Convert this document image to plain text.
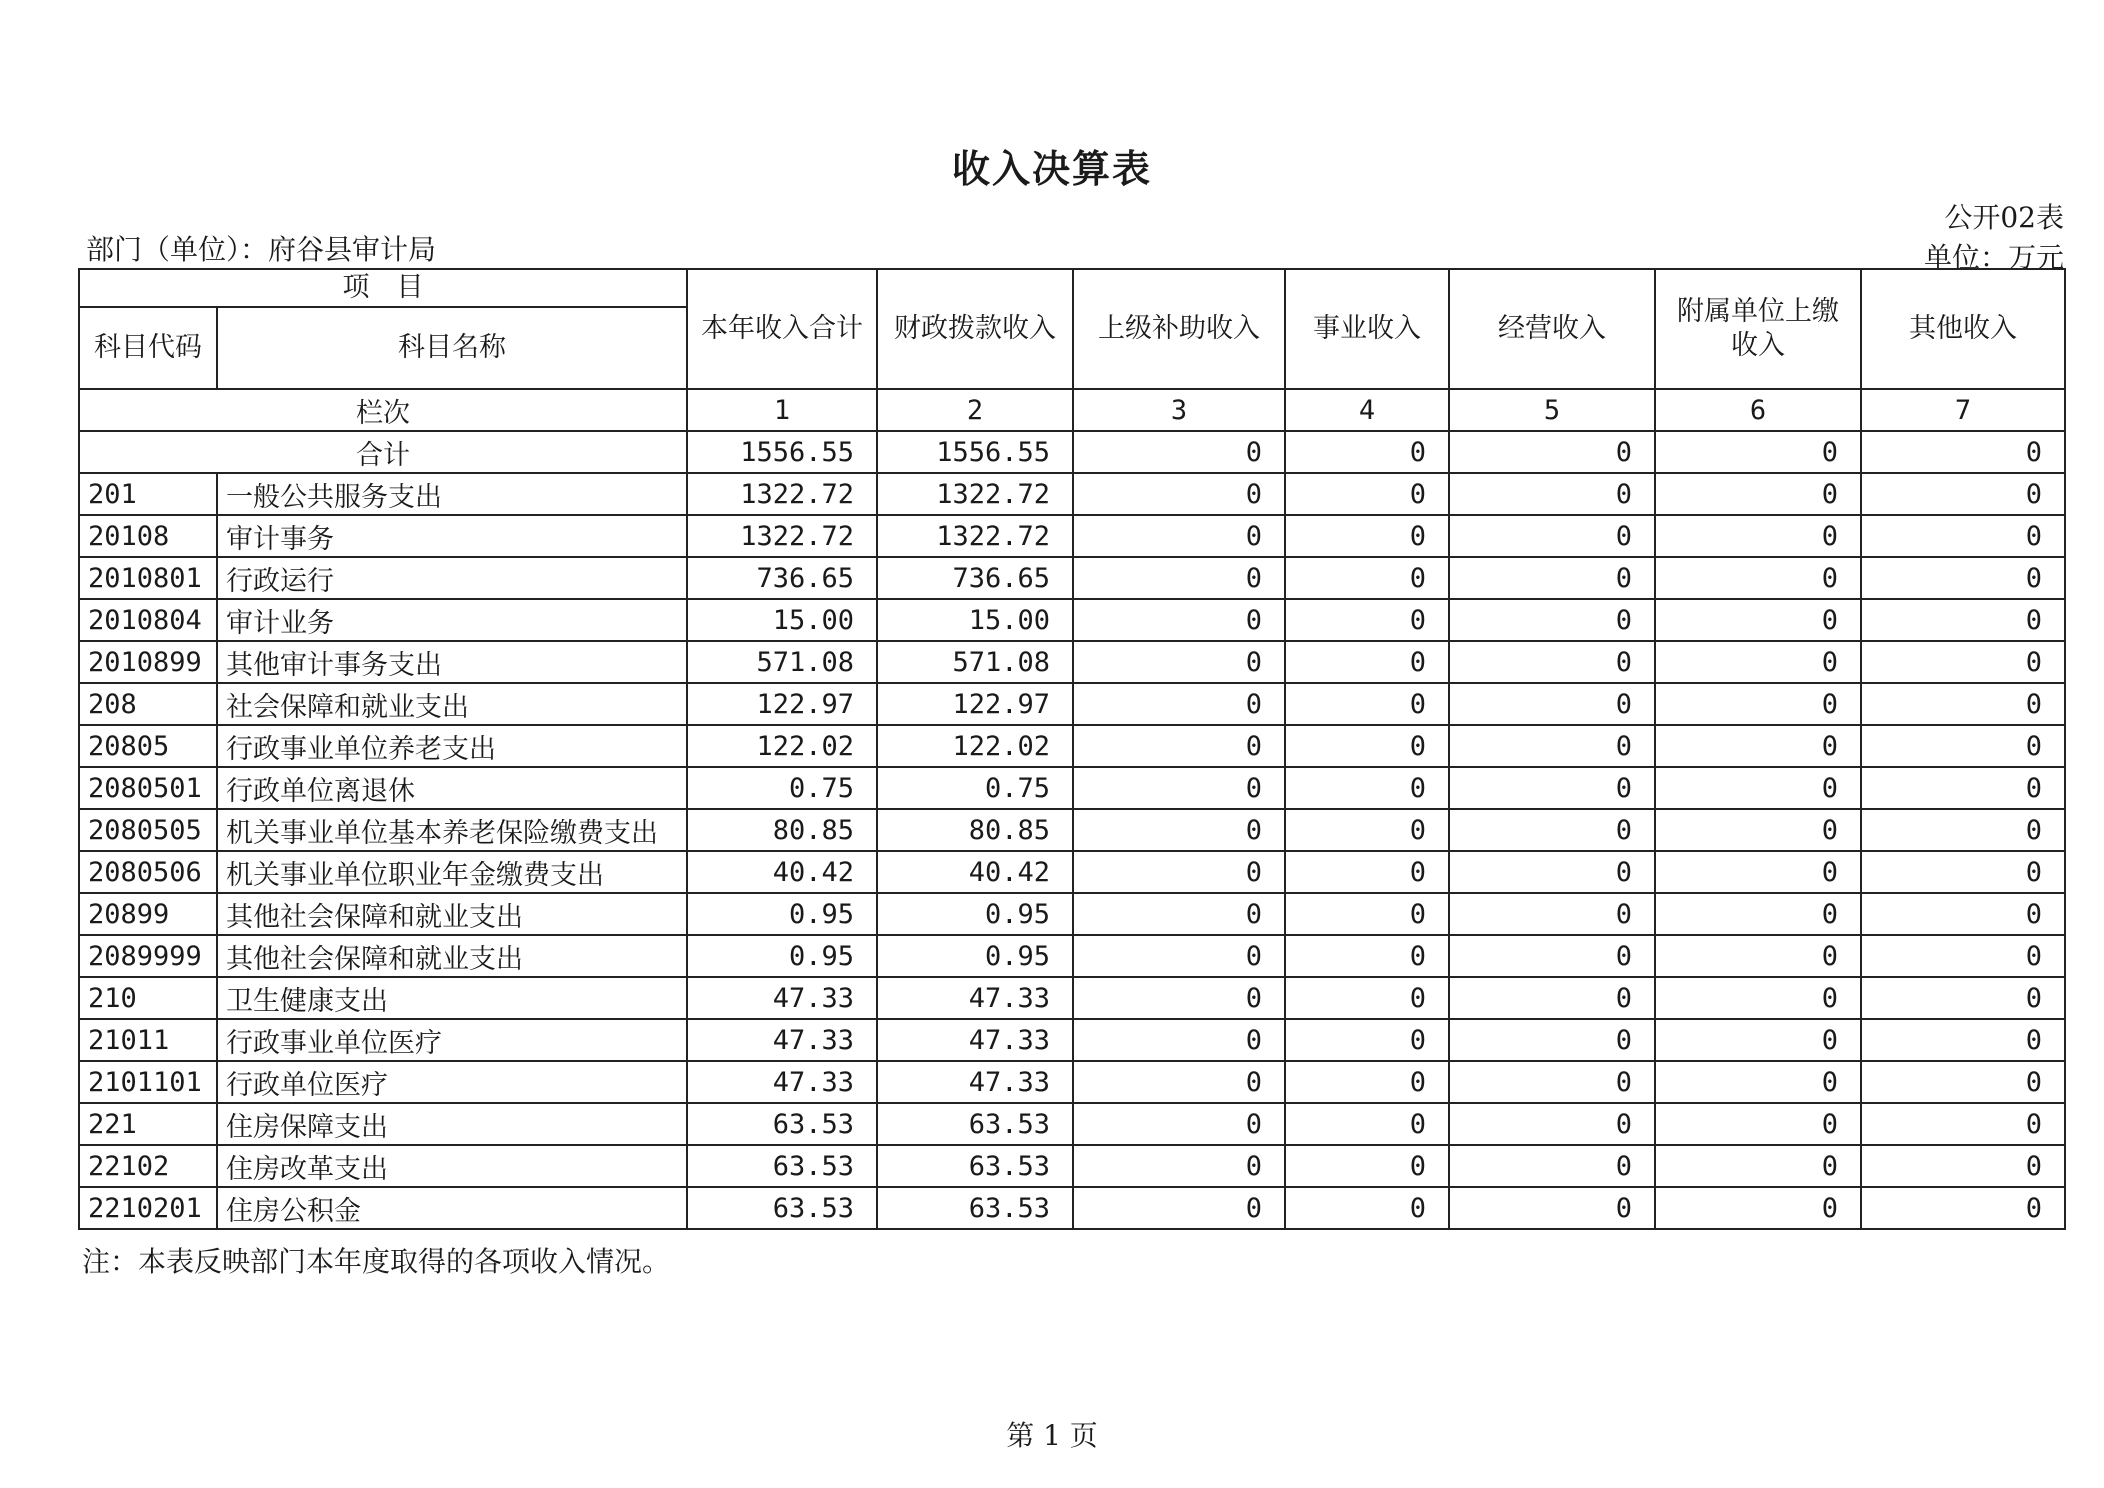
收入决算表
公开02表
部门（单位）：府谷县审计局	单位：万元
项　目		本年收入合计	财政拨款收入	上级补助收入	事业收入	经营收入	附属单位上缴收入	其他收入
科目代码	科目名称							
栏次		1	2	3	4	5	6	7
合计		1556.55	1556.55	0	0	0	0	0
201	一般公共服务支出	1322.72	1322.72	0	0	0	0	0
20108	审计事务	1322.72	1322.72	0	0	0	0	0
2010801	行政运行	736.65	736.65	0	0	0	0	0
2010804	审计业务	15.00	15.00	0	0	0	0	0
2010899	其他审计事务支出	571.08	571.08	0	0	0	0	0
208	社会保障和就业支出	122.97	122.97	0	0	0	0	0
20805	行政事业单位养老支出	122.02	122.02	0	0	0	0	0
2080501	行政单位离退休	0.75	0.75	0	0	0	0	0
2080505	机关事业单位基本养老保险缴费支出	80.85	80.85	0	0	0	0	0
2080506	机关事业单位职业年金缴费支出	40.42	40.42	0	0	0	0	0
20899	其他社会保障和就业支出	0.95	0.95	0	0	0	0	0
2089999	其他社会保障和就业支出	0.95	0.95	0	0	0	0	0
210	卫生健康支出	47.33	47.33	0	0	0	0	0
21011	行政事业单位医疗	47.33	47.33	0	0	0	0	0
2101101	行政单位医疗	47.33	47.33	0	0	0	0	0
221	住房保障支出	63.53	63.53	0	0	0	0	0
22102	住房改革支出	63.53	63.53	0	0	0	0	0
2210201	住房公积金	63.53	63.53	0	0	0	0	0
注：本表反映部门本年度取得的各项收入情况。
第 1 页
